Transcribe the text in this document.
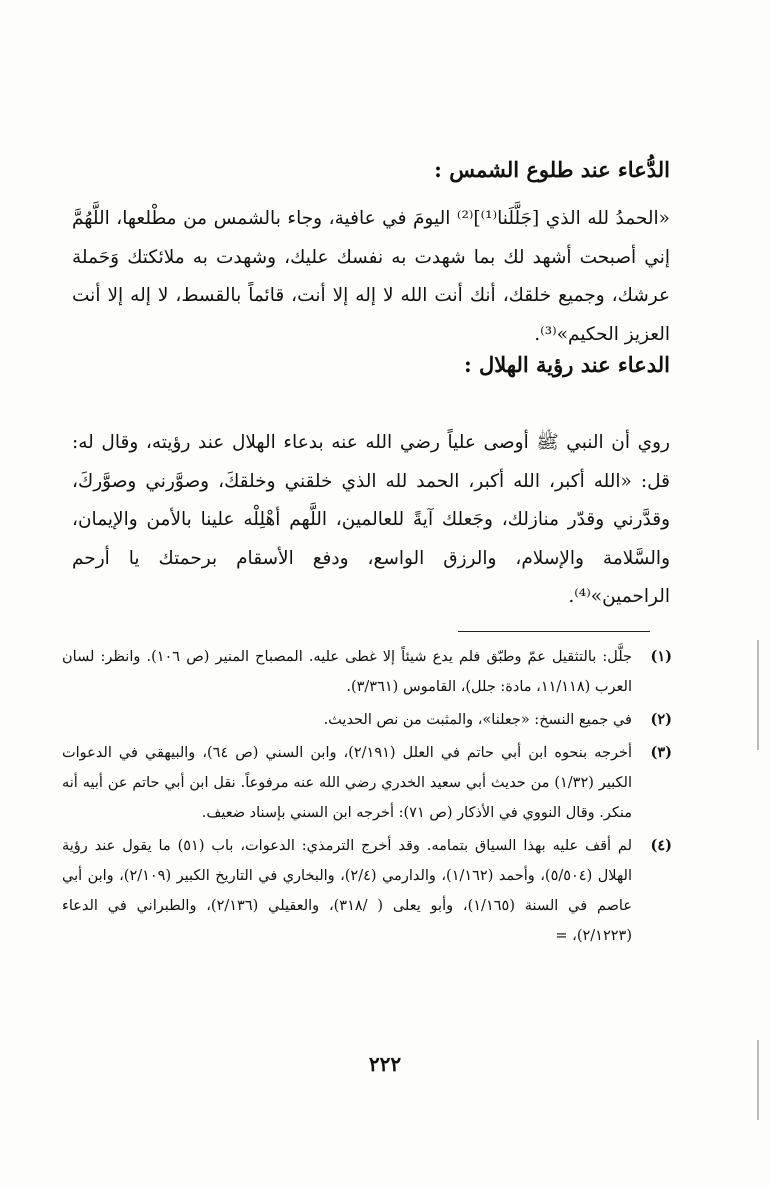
الدُّعاء عند طلوع الشمس :
«الحمدُ لله الذي [جَلَّلَنا⁽¹⁾]⁽²⁾ اليومَ في عافية، وجاء بالشمس من مطْلعها، اللَّهُمَّ إني أصبحت أشهد لك بما شهدت به نفسك عليك، وشهدت به ملائكتك وَحَملة عرشك، وجميع خلقك، أنك أنت الله لا إله إلا أنت، قائماً بالقسط، لا إله إلا أنت العزيز الحكيم»⁽³⁾.
الدعاء عند رؤية الهلال :
روي أن النبي ﷺ أوصى علياً رضي الله عنه بدعاء الهلال عند رؤيته، وقال له: قل: «الله أكبر، الله أكبر، الحمد لله الذي خلقني وخلقكَ، وصوَّرني وصوَّركَ، وقدَّرني وقدّر منازلك، وجَعلك آيةً للعالمين، اللَّهم أهْلِلْه علينا بالأمن والإيمان، والسَّلامة والإسلام، والرزق الواسع، ودفع الأسقام برحمتك يا أرحم الراحمين»⁽⁴⁾.
(١)
جلَّل: بالتثقيل عمّ وطبّق فلم يدع شيئاً إلا غطى عليه. المصباح المنير (ص ١٠٦). وانظر: لسان العرب (١١/١١٨، مادة: جلل)، القاموس (٣/٣٦١).
(٢)
في جميع النسخ: «جعلنا»، والمثبت من نص الحديث.
(٣)
أخرجه بنحوه ابن أبي حاتم في العلل (٢/١٩١)، وابن السني (ص ٦٤)، والبيهقي في الدعوات الكبير (١/٣٢) من حديث أبي سعيد الخدري رضي الله عنه مرفوعاً. نقل ابن أبي حاتم عن أبيه أنه منكر. وقال النووي في الأذكار (ص ٧١): أخرجه ابن السني بإسناد ضعيف.
(٤)
لم أقف عليه بهذا السياق بتمامه. وقد أخرج الترمذي: الدعوات، باب (٥١) ما يقول عند رؤية الهلال (٥/٥٠٤)، وأحمد (١/١٦٢)، والدارمي (٢/٤)، والبخاري في التاريخ الكبير (٢/١٠٩)، وابن أبي عاصم في السنة (١/١٦٥)، وأبو يعلى ( /٣١٨)، والعقيلي (٢/١٣٦)، والطبراني في الدعاء (٢/١٢٢٣)، =
٢٢٢
